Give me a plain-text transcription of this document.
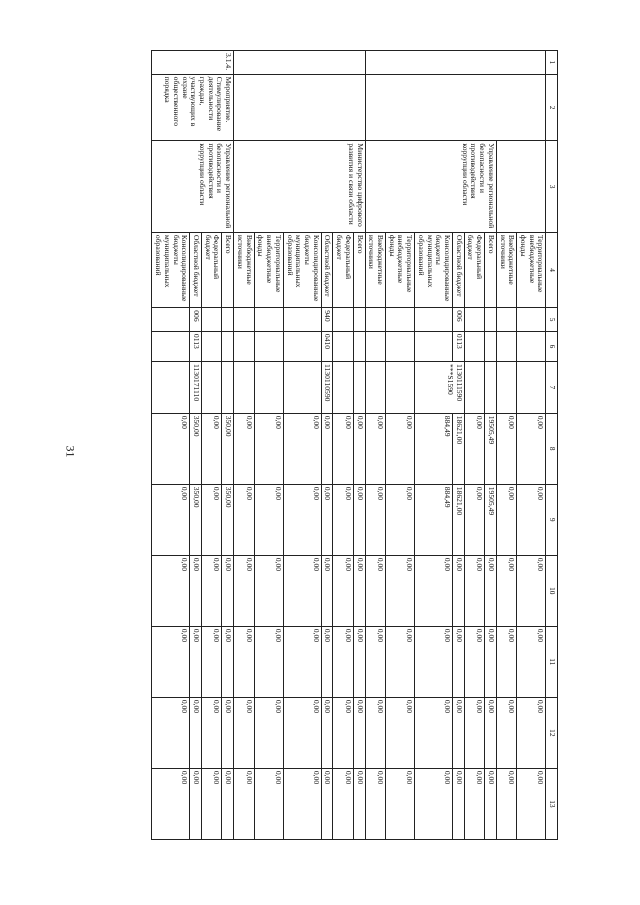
31
1	2	3	4	5	6	7	8	9	10	11	12	13
			Территориальные внебюджетные фонды				0,00	0,00	0,00	0,00	0,00	0,00
			Внебюджетные источники				0,00	0,00	0,00	0,00	0,00	0,00
		Управление региональной безопасности и противодействия коррупции области	Всего				19505,49	19505,49	0,00	0,00	0,00	0,00
			Федеральный бюджет				0,00	0,00	0,00	0,00	0,00	0,00
			Областной бюджет	006	0113	1130111590 ***S1590	18621,00	18621,00	0,00	0,00	0,00	0,00
			Консолидированные бюджеты муниципальных образований				884,49	884,49	0,00	0,00	0,00	0,00
			Территориальные внебюджетные фонды				0,00	0,00	0,00	0,00	0,00	0,00
			Внебюджетные источники				0,00	0,00	0,00	0,00	0,00	0,00
		Министерство цифрового развития и связи области	Всего				0,00	0,00	0,00	0,00	0,00	0,00
			Федеральный бюджет				0,00	0,00	0,00	0,00	0,00	0,00
			Областной бюджет	940	0410	1130110590	0,00	0,00	0,00	0,00	0,00	0,00
			Консолидированные бюджеты муниципальных образований				0,00	0,00	0,00	0,00	0,00	0,00
			Территориальные внебюджетные фонды				0,00	0,00	0,00	0,00	0,00	0,00
			Внебюджетные источники				0,00	0,00	0,00	0,00	0,00	0,00
3.1.4.	Мероприятие. Стимулирование деятельности граждан, участвующих в охране общественного порядка	Управление региональной безопасности и противодействия коррупции области	Всего				350,00	350,00	0,00	0,00	0,00	0,00
			Федеральный бюджет				0,00	0,00	0,00	0,00	0,00	0,00
			Областной бюджет	006	0113	1130171110	350,00	350,00	0,00	0,00	0,00	0,00
			Консолидированные бюджеты муниципальных образований				0,00	0,00	0,00	0,00	0,00	0,00
